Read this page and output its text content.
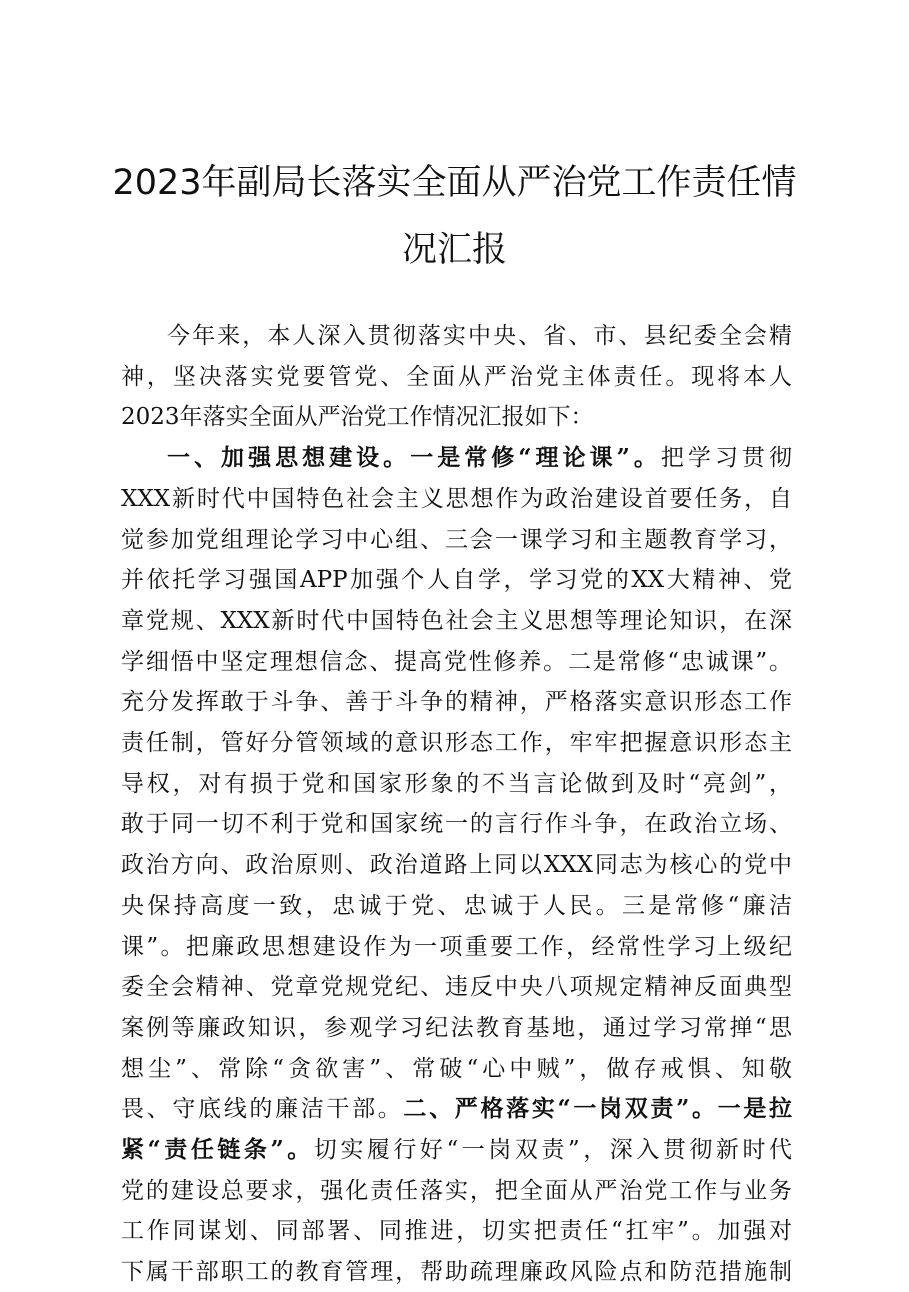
2023年副局长落实全面从严治党工作责任情
况汇报
今年来，本人深入贯彻落实中央、省、市、县纪委全会精
神，坚决落实党要管党、全面从严治党主体责任。现将本人
2023年落实全面从严治党工作情况汇报如下：
一、加强思想建设。一是常修“理论课”。把学习贯彻
XXX新时代中国特色社会主义思想作为政治建设首要任务，自
觉参加党组理论学习中心组、三会一课学习和主题教育学习，
并依托学习强国APP加强个人自学，学习党的XX大精神、党
章党规、XXX新时代中国特色社会主义思想等理论知识，在深
学细悟中坚定理想信念、提高党性修养。二是常修“忠诚课”。
充分发挥敢于斗争、善于斗争的精神，严格落实意识形态工作
责任制，管好分管领域的意识形态工作，牢牢把握意识形态主
导权，对有损于党和国家形象的不当言论做到及时“亮剑”，
敢于同一切不利于党和国家统一的言行作斗争，在政治立场、
政治方向、政治原则、政治道路上同以XXX同志为核心的党中
央保持高度一致，忠诚于党、忠诚于人民。三是常修“廉洁
课”。把廉政思想建设作为一项重要工作，经常性学习上级纪
委全会精神、党章党规党纪、违反中央八项规定精神反面典型
案例等廉政知识，参观学习纪法教育基地，通过学习常掸“思
想尘”、常除“贪欲害”、常破“心中贼”，做存戒惧、知敬
畏、守底线的廉洁干部。二、严格落实“一岗双责”。一是拉
紧“责任链条”。切实履行好“一岗双责”，深入贯彻新时代
党的建设总要求，强化责任落实，把全面从严治党工作与业务
工作同谋划、同部署、同推进，切实把责任“扛牢”。加强对
下属干部职工的教育管理，帮助疏理廉政风险点和防范措施制
